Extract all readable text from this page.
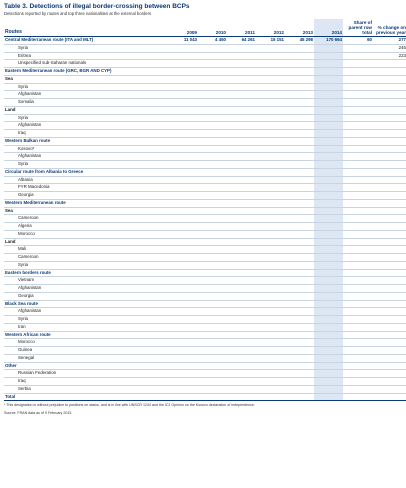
Table 3. Detections of illegal border-crossing between BCPs
Detections reported by routes and top three nationalities at the external borders
Routes	2009	2010	2011	2012	2013	2014	Share of parent row total	% change on previous year
Central Mediterranean route (ITA and MLT)	11 043	4 450	64 261	15 151	45 298	170 664	60	277
Syria								245
Eritrea								223
Unspecified sub-Saharan nationals								
Eastern Mediterranean route (GRC, BGR AND CYP)								
Sea								
Syria								
Afghanistan								
Somalia								
Land								
Syria								
Afghanistan								
Iraq								
Western Balkan route								
Kosovo*								
Afghanistan								
Syria								
Circular route from Albania to Greece								
Albania								
FYR Macedonia								
Georgia								
Western Mediterranean route								
Sea								
Cameroon								
Algeria								
Morocco								
Land								
Mali								
Cameroon								
Syria								
Eastern borders route								
Vietnam								
Afghanistan								
Georgia								
Black Sea route								
Afghanistan								
Syria								
Iran								
Western African route								
Morocco								
Guinea								
Senegal								
Other								
Russian Federation								
Iraq								
Serbia								
Total								
* This designation is without prejudice to positions on status, and is in line with UNSCR 1244 and the ICJ Opinion on the Kosovo declaration of independence.
Source: FRAN data as of 9 February 2015
